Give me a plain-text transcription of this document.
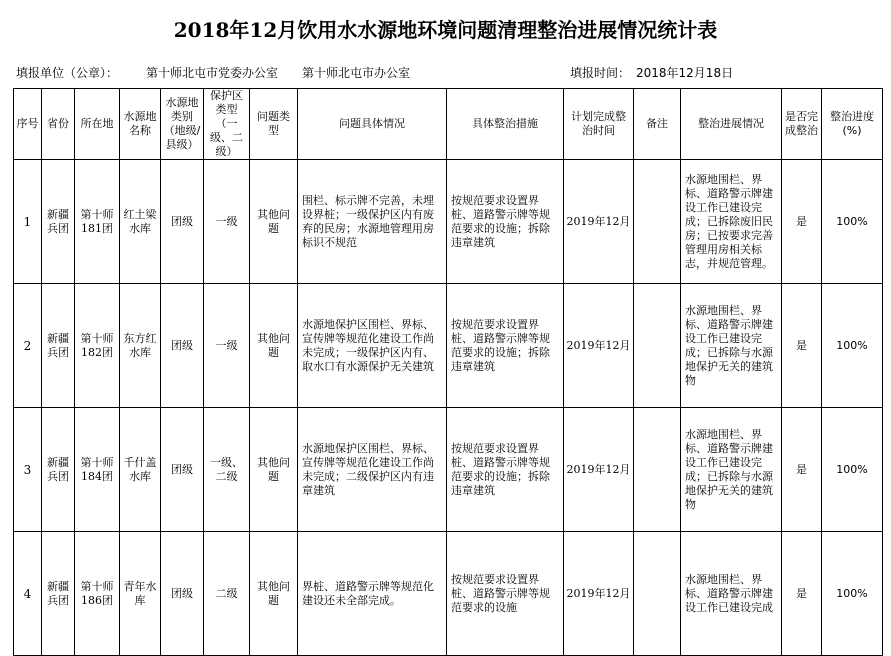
2018年12月饮用水水源地环境问题清理整治进展情况统计表
填报单位（公章）： 第十师北屯市党委办公室　　第十师北屯市办公室	填报时间： 2018年12月18日
序号	省份	所在地	水源地名称	水源地类别（地级/县级）	保护区类型（一级、二级）	问题类型	问题具体情况	具体整治措施	计划完成整治时间	备注	整治进展情况	是否完成整治	整治进度(%)
1	新疆兵团	第十师181团	红土梁水库	团级	一级	其他问题	围栏、标示牌不完善，未埋设界桩；一级保护区内有废弃的民房；水源地管理用房标识不规范	按规范要求设置界桩、道路警示牌等规范要求的设施；拆除违章建筑	2019年12月		水源地围栏、界标、道路警示牌建设工作已建设完成；已拆除废旧民房；已按要求完善管理用房相关标志，并规范管理。	是	100%
2	新疆兵团	第十师182团	东方红水库	团级	一级	其他问题	水源地保护区围栏、界标、宣传牌等规范化建设工作尚未完成；一级保护区内有、取水口有水源保护无关建筑	按规范要求设置界桩、道路警示牌等规范要求的设施；拆除违章建筑	2019年12月		水源地围栏、界标、道路警示牌建设工作已建设完成；已拆除与水源地保护无关的建筑物	是	100%
3	新疆兵团	第十师184团	千什盖水库	团级	一级、二级	其他问题	水源地保护区围栏、界标、宣传牌等规范化建设工作尚未完成；二级保护区内有违章建筑	按规范要求设置界桩、道路警示牌等规范要求的设施；拆除违章建筑	2019年12月		水源地围栏、界标、道路警示牌建设工作已建设完成；已拆除与水源地保护无关的建筑物	是	100%
4	新疆兵团	第十师186团	青年水库	团级	二级	其他问题	界桩、道路警示牌等规范化建设还未全部完成。	按规范要求设置界桩、道路警示牌等规范要求的设施	2019年12月		水源地围栏、界标、道路警示牌建设工作已建设完成	是	100%
